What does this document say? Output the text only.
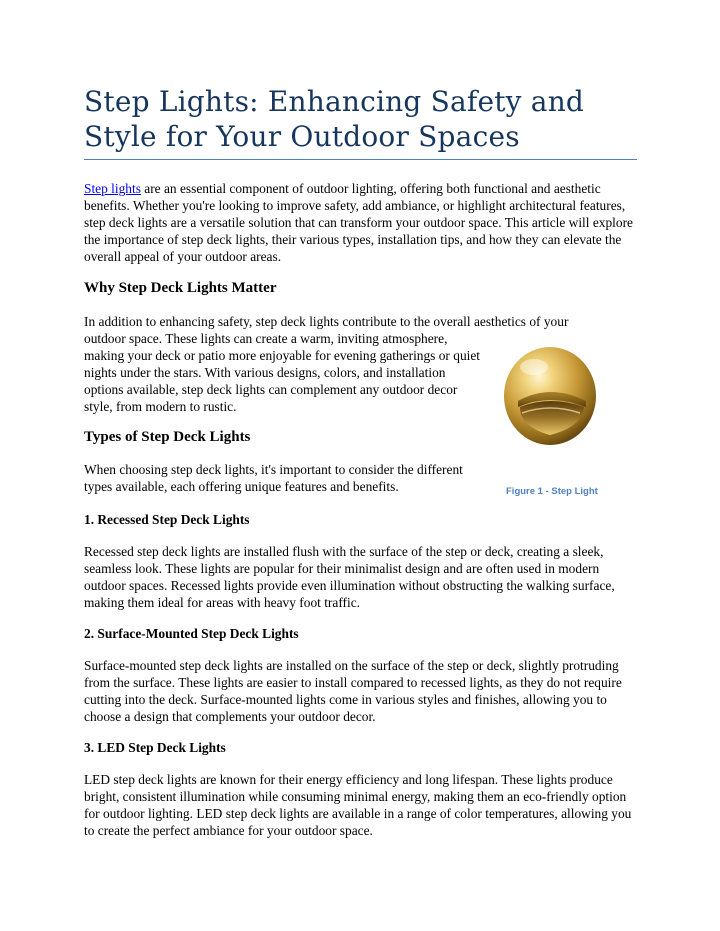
Step Lights: Enhancing Safety and Style for Your Outdoor Spaces

Step lights are an essential component of outdoor lighting, offering both functional and aesthetic benefits. Whether you're looking to improve safety, add ambiance, or highlight architectural features, step deck lights are a versatile solution that can transform your outdoor space. This article will explore the importance of step deck lights, their various types, installation tips, and how they can elevate the overall appeal of your outdoor areas.

Why Step Deck Lights Matter

In addition to enhancing safety, step deck lights contribute to the overall aesthetics of your

outdoor space. These lights can create a warm, inviting atmosphere, making your deck or patio more enjoyable for evening gatherings or quiet nights under the stars. With various designs, colors, and installation options available, step deck lights can complement any outdoor decor style, from modern to rustic.

Types of Step Deck Lights

When choosing step deck lights, it's important to consider the different types available, each offering unique features and benefits.	Figure 1 - Step Light

1. Recessed Step Deck Lights

Recessed step deck lights are installed flush with the surface of the step or deck, creating a sleek, seamless look. These lights are popular for their minimalist design and are often used in modern outdoor spaces. Recessed lights provide even illumination without obstructing the walking surface, making them ideal for areas with heavy foot traffic.

2. Surface-Mounted Step Deck Lights

Surface-mounted step deck lights are installed on the surface of the step or deck, slightly protruding from the surface. These lights are easier to install compared to recessed lights, as they do not require cutting into the deck. Surface-mounted lights come in various styles and finishes, allowing you to choose a design that complements your outdoor decor.

3. LED Step Deck Lights

LED step deck lights are known for their energy efficiency and long lifespan. These lights produce bright, consistent illumination while consuming minimal energy, making them an eco-friendly option for outdoor lighting. LED step deck lights are available in a range of color temperatures, allowing you to create the perfect ambiance for your outdoor space.
